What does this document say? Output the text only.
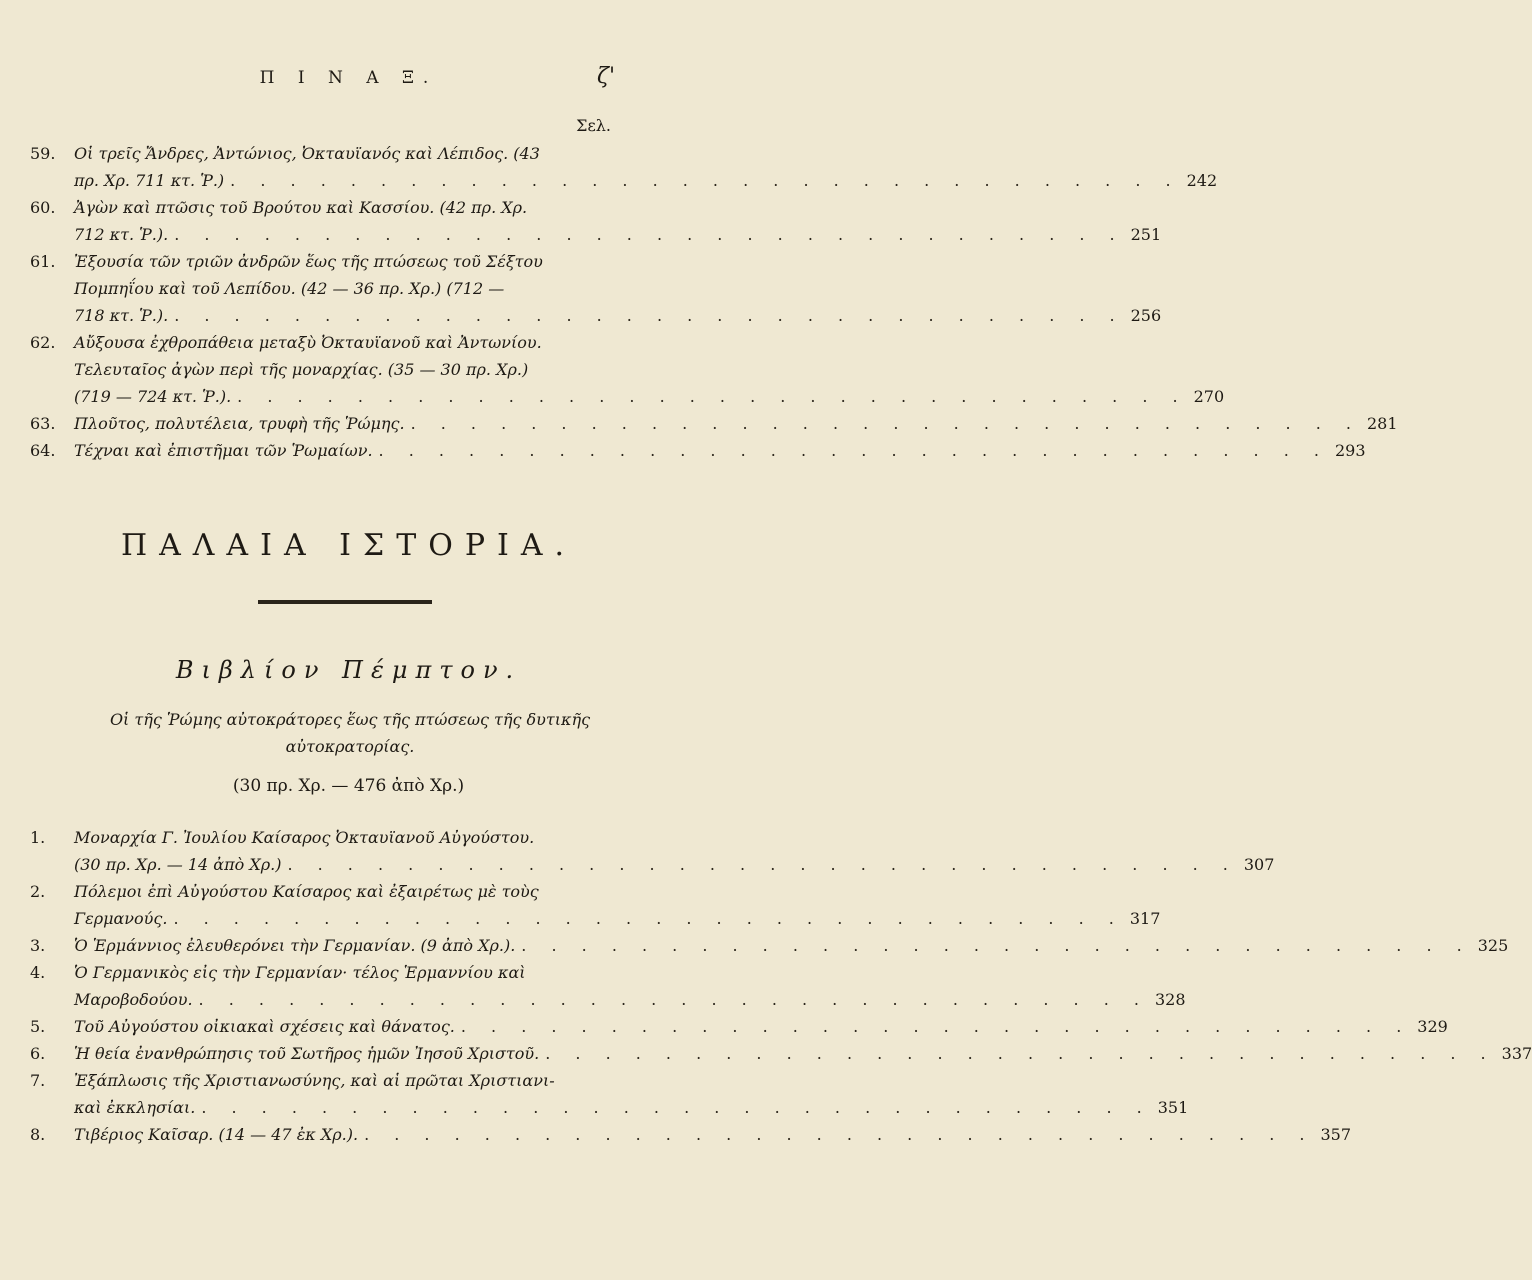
Π Ι Ν Α Ξ.	ζ'
Σελ.
59. Οἱ τρεῖς Ἄνδρες, Ἀντώνιος, Ὀκταυϊανός καὶ Λέπιδος. (43
πρ. Χρ. 711 κτ. Ῥ.) . . . . . . . . . . . . . . . . . . . . . . . . . . . . . . . . 242
60. Ἀγὼν καὶ πτῶσις τοῦ Βρούτου καὶ Κασσίου. (42 πρ. Χρ.
712 κτ. Ῥ.). . . . . . . . . . . . . . . . . . . . . . . . . . . . . . . . . 251
61. Ἐξουσία τῶν τριῶν ἀνδρῶν ἕως τῆς πτώσεως τοῦ Σέξτου
Πομπηΐου καὶ τοῦ Λεπίδου. (42 — 36 πρ. Χρ.) (712 —
718 κτ. Ῥ.). . . . . . . . . . . . . . . . . . . . . . . . . . . . . . . . . 256
62. Αὔξουσα ἐχθροπάθεια μεταξὺ Ὀκταυϊανοῦ καὶ Ἀντωνίου.
Τελευταῖος ἀγὼν περὶ τῆς μοναρχίας. (35 — 30 πρ. Χρ.)
(719 — 724 κτ. Ῥ.). . . . . . . . . . . . . . . . . . . . . . . . . . . . . . . . . 270
63. Πλοῦτος, πολυτέλεια, τρυφὴ τῆς Ῥώμης. . . . . . . . . . . . . . . . . . . . . . . . . . . . . . . . . 281
64. Τέχναι καὶ ἐπιστῆμαι τῶν Ῥωμαίων. . . . . . . . . . . . . . . . . . . . . . . . . . . . . . . . . 293
ΠΑΛΑΙΑ ΙΣΤΟΡΙΑ.
Βιβλίον Πέμπτον.
Οἱ τῆς Ῥώμης αὐτοκράτορες ἕως τῆς πτώσεως τῆς δυτικῆς αὐτοκρατορίας.
(30 πρ. Χρ. — 476 ἀπὸ Χρ.)
1. Μοναρχία Γ. Ἰουλίου Καίσαρος Ὀκταυϊανοῦ Αὐγούστου.
(30 πρ. Χρ. — 14 ἀπὸ Χρ.) . . . . . . . . . . . . . . . . . . . . . . . . . . . . . . . . 307
2. Πόλεμοι ἐπὶ Αὐγούστου Καίσαρος καὶ ἐξαιρέτως μὲ τοὺς
Γερμανούς. . . . . . . . . . . . . . . . . . . . . . . . . . . . . . . . . 317
3. Ὁ Ἑρμάννιος ἐλευθερόνει τὴν Γερμανίαν. (9 ἀπὸ Χρ.). . . . . . . . . . . . . . . . . . . . . . . . . . . . . . . . . 325
4. Ὁ Γερμανικὸς εἰς τὴν Γερμανίαν· τέλος Ἑρμαννίου καὶ
Μαροβοδούου. . . . . . . . . . . . . . . . . . . . . . . . . . . . . . . . . 328
5. Τοῦ Αὐγούστου οἰκιακαὶ σχέσεις καὶ θάνατος. . . . . . . . . . . . . . . . . . . . . . . . . . . . . . . . . 329
6. Ἡ θεία ἐνανθρώπησις τοῦ Σωτῆρος ἡμῶν Ἰησοῦ Χριστοῦ. . . . . . . . . . . . . . . . . . . . . . . . . . . . . . . . . 337
7. Ἐξάπλωσις τῆς Χριστιανωσύνης, καὶ αἱ πρῶται Χριστιανι-
καὶ ἐκκλησίαι. . . . . . . . . . . . . . . . . . . . . . . . . . . . . . . . . 351
8. Τιβέριος Καῖσαρ. (14 — 47 ἐκ Χρ.). . . . . . . . . . . . . . . . . . . . . . . . . . . . . . . . . 357
